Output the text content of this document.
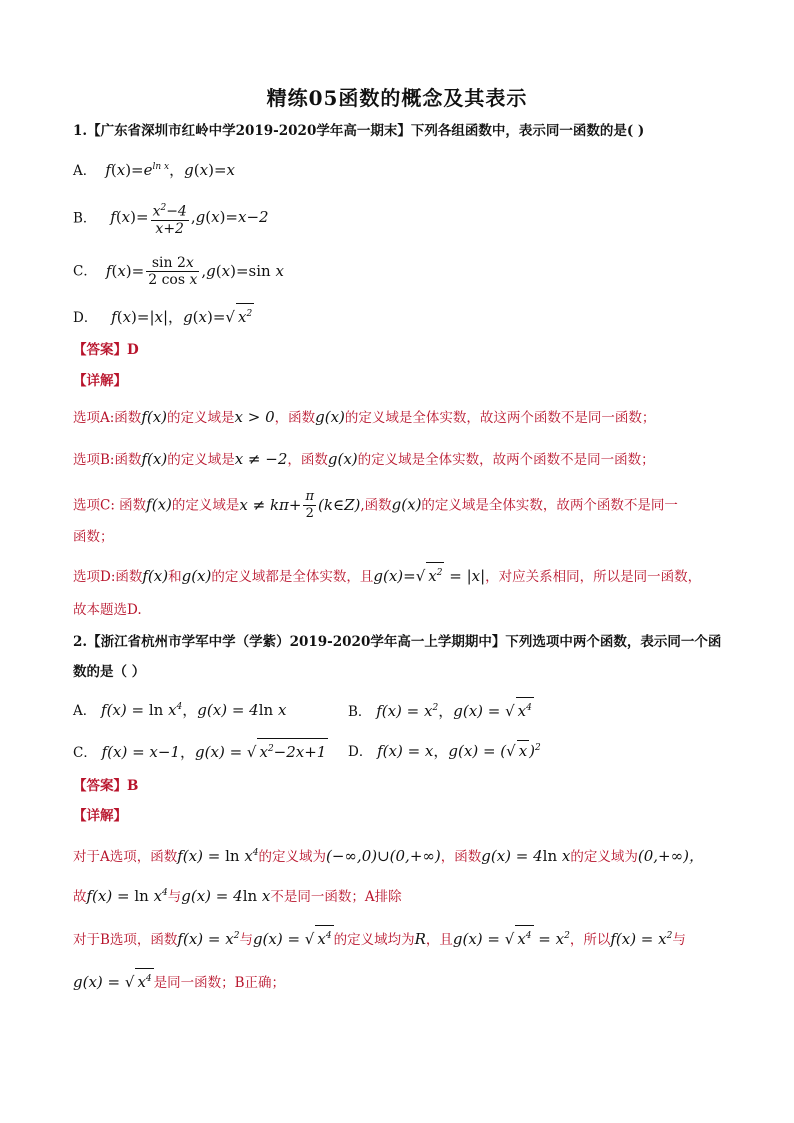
精练05函数的概念及其表示
1.【广东省深圳市红岭中学2019-2020学年高一期末】下列各组函数中，表示同一函数的是( )
A．  $f(x)=e^{ln x}$，g(x)=x
B．   $f(x)= \frac{x^2-4}{x+2} ,g(x)=x-2$
C．  $f(x)= \frac{\sin 2x}{\text{2 cos x}} ,g(x)=\sin$ x
D．   f(x)=|x|，g(x)=√ $x^2$
【答案】D
【详解】
选项A:函数f(x)的定义域是x > 0，函数g(x)的定义域是全体实数，故这两个函数不是同一函数；
选项B:函数f(x)的定义域是x ≠ −2，函数g(x)的定义域是全体实数，故两个函数不是同一函数；
选项C: 函数f(x)的定义域是$x \ne k\pi+ \frac{\pi}{2}$ (k∈Z),函数g(x)的定义域是全体实数，故两个函数不是同一
函数；
选项D:函数f(x)和g(x)的定义域都是全体实数，且g(x)=√ $x^2 = |x|$，对应关系相同，所以是同一函数，
故本题选D.
2.【浙江省杭州市学军中学（学紫）2019-2020学年高一上学期期中】下列选项中两个函数，表示同一个函
数的是（ ）
A． $f(x) = \ln x^4$，g(x) = 4ln x	B． $f(x) = x^2$，g(x) = √ $x^4$
C． f(x) = x−1，g(x) = √ $x^2-2x+1$ D． f(x) = x，g(x) = (√ x )$^2$
【答案】B
【详解】
对于A选项，函数$f(x) = \ln x^4$的定义域为(−∞,0)∪(0,+∞)，函数g(x) = 4ln x的定义域为(0,+∞)，
故$f(x) = \ln x^4$与g(x) = 4ln x不是同一函数；A排除
对于B选项，函数$f(x) = x^2$与g(x) = √ $x^4$ 的定义域均为R，且g(x) = √ $x^4 = x^2$，所以$f(x) = x^2$与
g(x) = √ $x^4$ 是同一函数；B正确；
